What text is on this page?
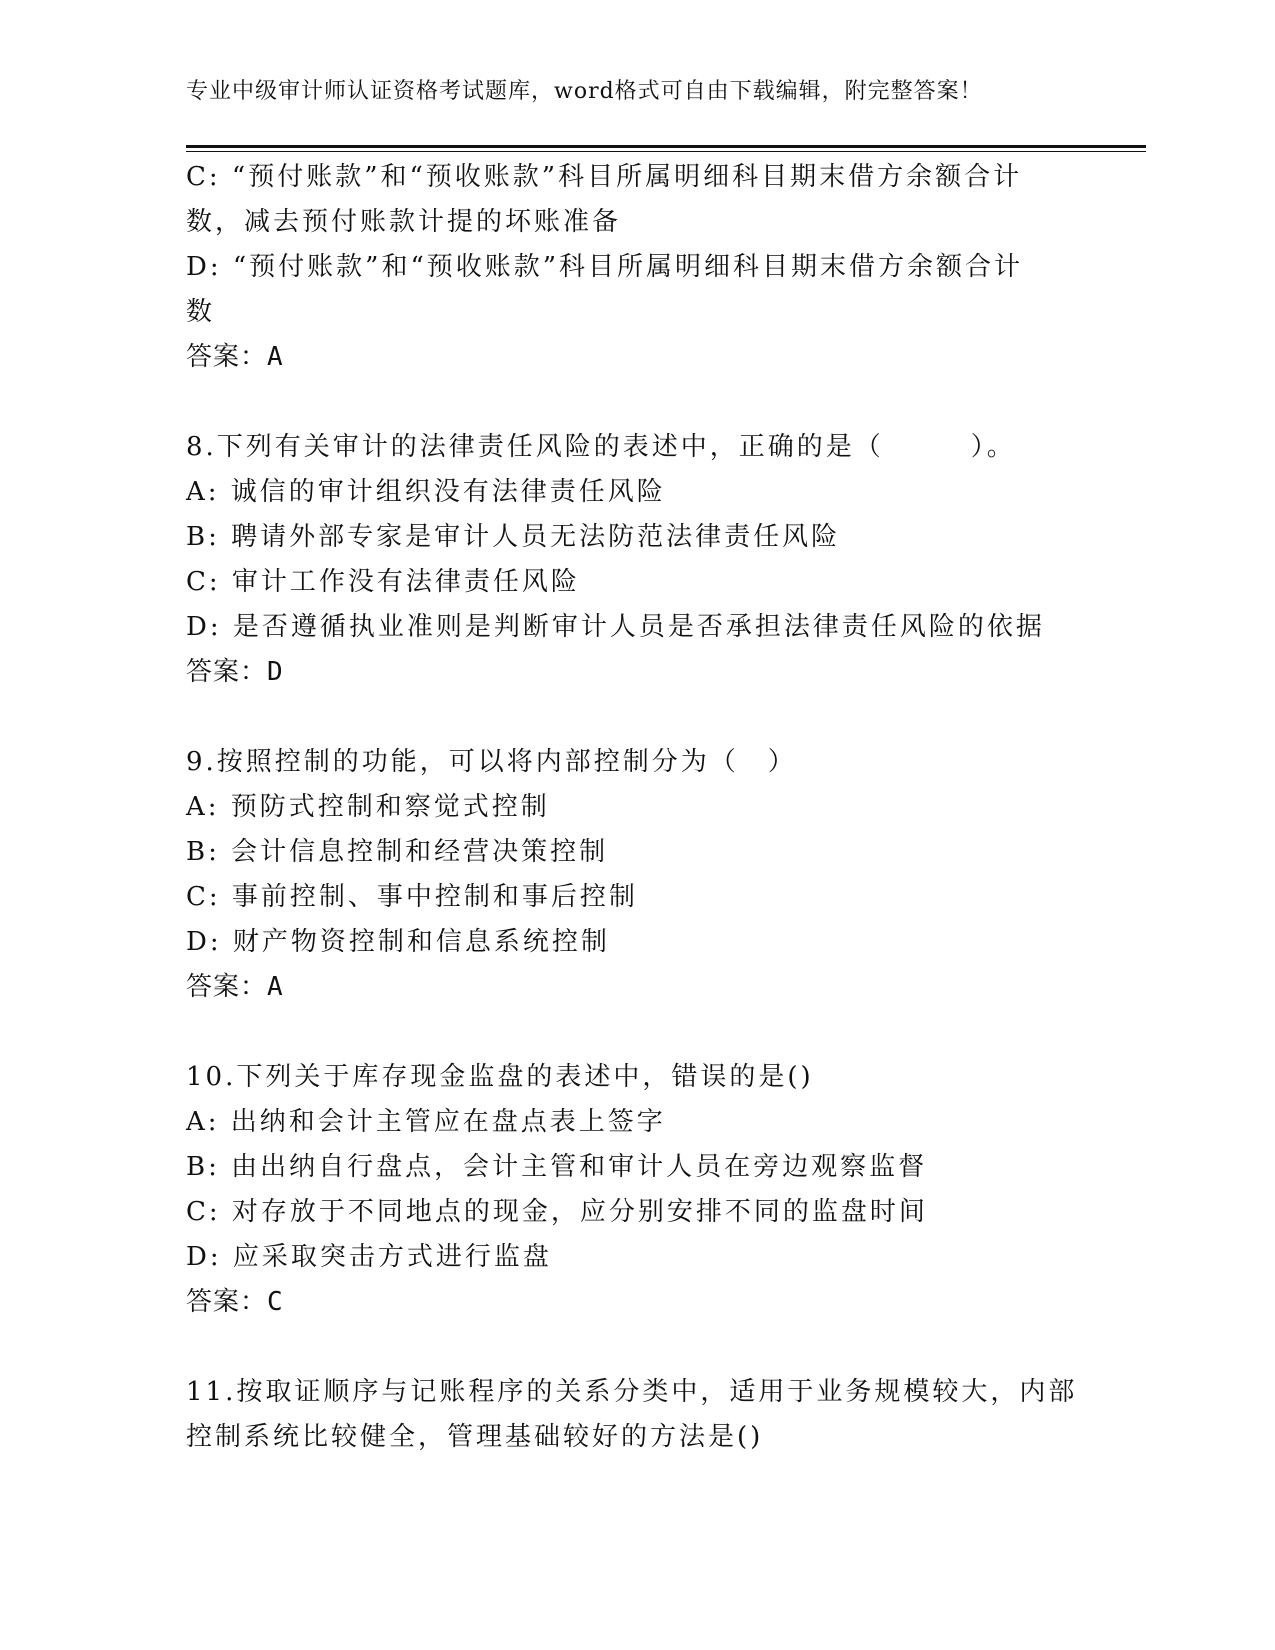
专业中级审计师认证资格考试题库，word格式可自由下载编辑，附完整答案！
C: “预付账款”和“预收账款”科目所属明细科目期末借方余额合计
数，减去预付账款计提的坏账准备
D: “预付账款”和“预收账款”科目所属明细科目期末借方余额合计
数
答案：A
8.下列有关审计的法律责任风险的表述中，正确的是（　　　）。
A: 诚信的审计组织没有法律责任风险
B: 聘请外部专家是审计人员无法防范法律责任风险
C: 审计工作没有法律责任风险
D: 是否遵循执业准则是判断审计人员是否承担法律责任风险的依据
答案：D
9.按照控制的功能，可以将内部控制分为（　）
A: 预防式控制和察觉式控制
B: 会计信息控制和经营决策控制
C: 事前控制、事中控制和事后控制
D: 财产物资控制和信息系统控制
答案：A
10.下列关于库存现金监盘的表述中，错误的是()
A: 出纳和会计主管应在盘点表上签字
B: 由出纳自行盘点，会计主管和审计人员在旁边观察监督
C: 对存放于不同地点的现金，应分别安排不同的监盘时间
D: 应采取突击方式进行监盘
答案：C
11.按取证顺序与记账程序的关系分类中，适用于业务规模较大，内部
控制系统比较健全，管理基础较好的方法是()
